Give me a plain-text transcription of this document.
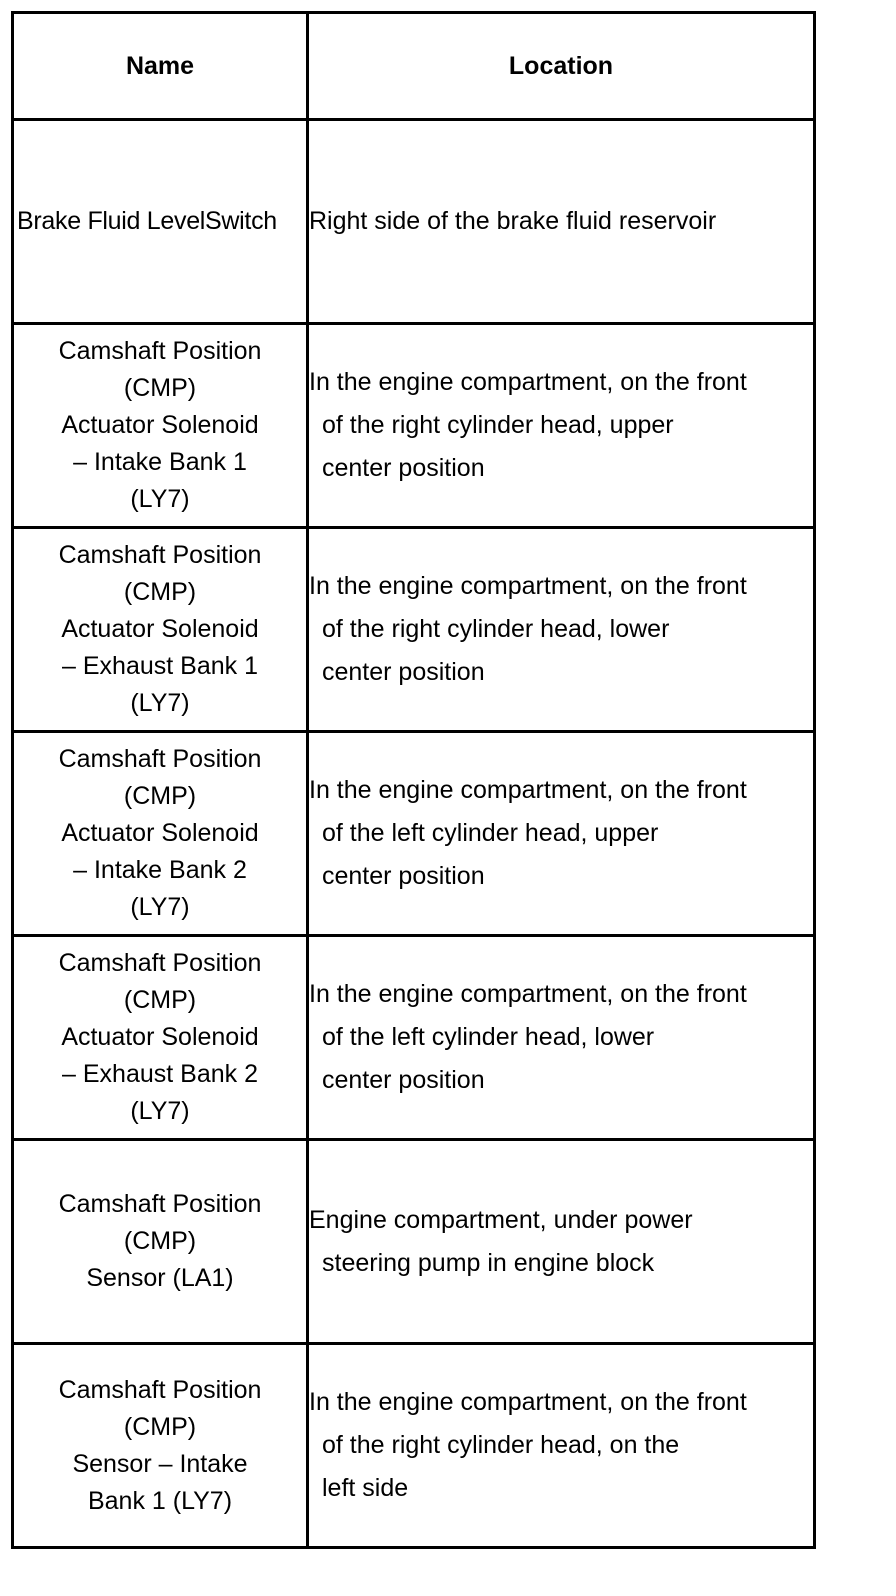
Name	Location
Brake Fluid LevelSwitch	Right side of the brake fluid reservoir

Camshaft Position
(CMP)
Actuator Solenoid
– Intake Bank 1
(LY7)	In the engine compartment, on the front
of the right cylinder head, upper
center position

Camshaft Position
(CMP)
Actuator Solenoid
– Exhaust Bank 1
(LY7)	In the engine compartment, on the front
of the right cylinder head, lower
center position

Camshaft Position
(CMP)
Actuator Solenoid
– Intake Bank 2
(LY7)	In the engine compartment, on the front
of the left cylinder head, upper
center position

Camshaft Position
(CMP)
Actuator Solenoid
– Exhaust Bank 2
(LY7)	In the engine compartment, on the front
of the left cylinder head, lower
center position

Camshaft Position
(CMP)
Sensor (LA1)	Engine compartment, under power
steering pump in engine block

Camshaft Position
(CMP)
Sensor – Intake
Bank 1 (LY7)	In the engine compartment, on the front
of the right cylinder head, on the
left side
